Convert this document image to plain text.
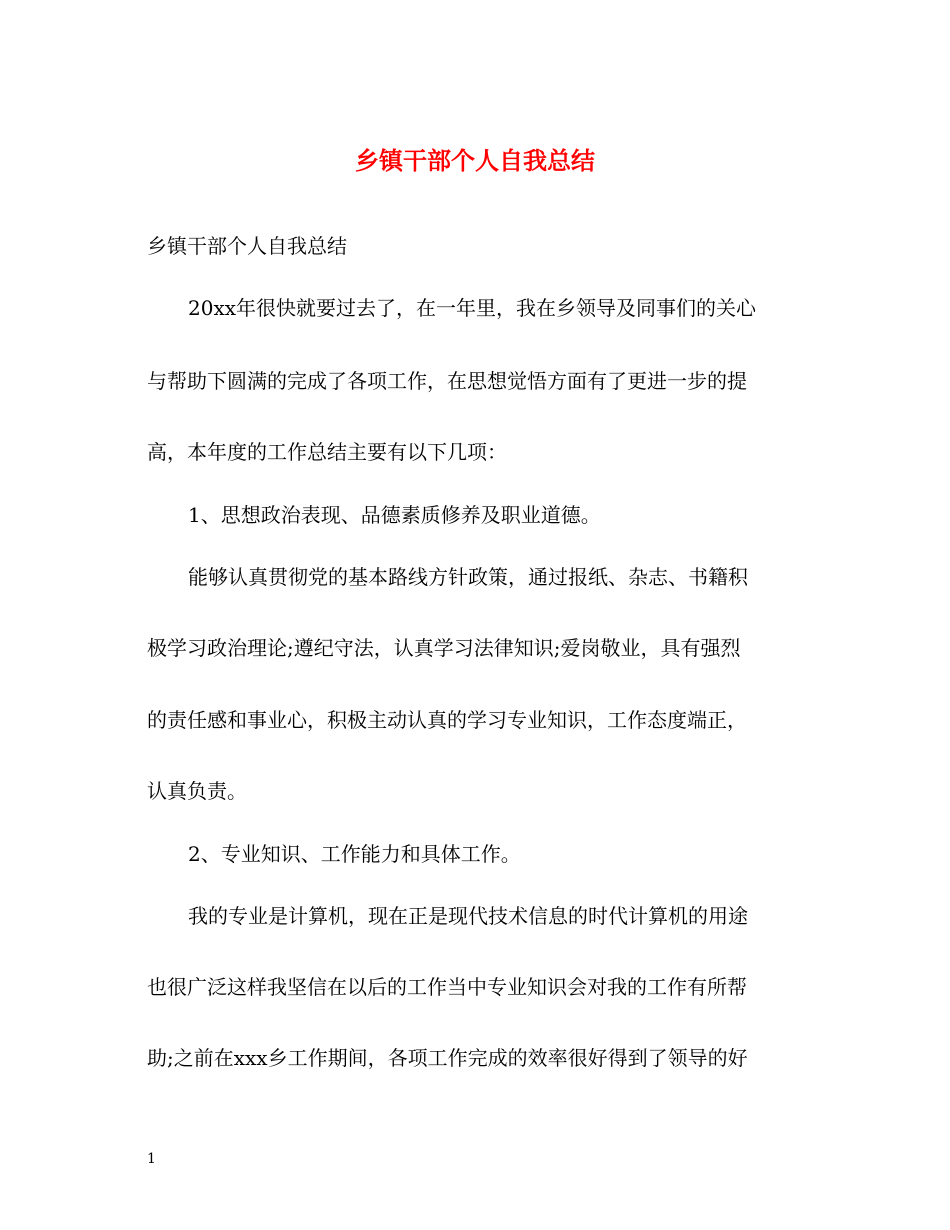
乡镇干部个人自我总结
乡镇干部个人自我总结
20xx年很快就要过去了，在一年里，我在乡领导及同事们的关心
与帮助下圆满的完成了各项工作，在思想觉悟方面有了更进一步的提
高，本年度的工作总结主要有以下几项：
1、思想政治表现、品德素质修养及职业道德。
能够认真贯彻党的基本路线方针政策，通过报纸、杂志、书籍积
极学习政治理论;遵纪守法，认真学习法律知识;爱岗敬业，具有强烈
的责任感和事业心，积极主动认真的学习专业知识，工作态度端正，
认真负责。
2、专业知识、工作能力和具体工作。
我的专业是计算机，现在正是现代技术信息的时代计算机的用途
也很广泛这样我坚信在以后的工作当中专业知识会对我的工作有所帮
助;之前在xxx乡工作期间，各项工作完成的效率很好得到了领导的好
1
